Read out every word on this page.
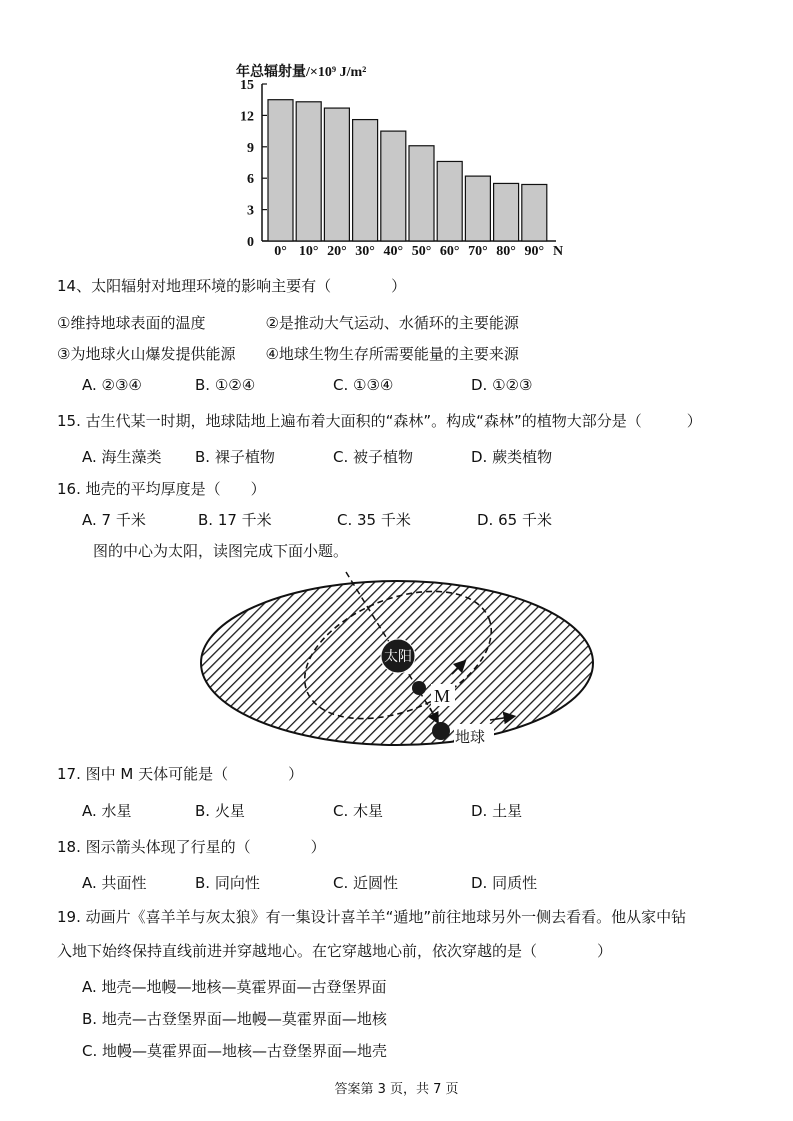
年总辐射量/×10⁹ J/m²
0
3
6
9
12
15
0° 10° 20° 30° 40° 50° 60° 70° 80° 90° N
14、太阳辐射对地理环境的影响主要有（　　　　）
①维持地球表面的温度　　　　②是推动大气运动、水循环的主要能源
③为地球火山爆发提供能源　　④地球生物生存所需要能量的主要来源
A. ②③④	B. ①②④	C. ①③④	D. ①②③
15. 古生代某一时期，地球陆地上遍布着大面积的“森林”。构成“森林”的植物大部分是（　　　）
A. 海生藻类 B. 裸子植物	C. 被子植物	D. 蕨类植物
16. 地壳的平均厚度是（　　）
A. 7 千米	B. 17 千米	C. 35 千米	D. 65 千米
图的中心为太阳，读图完成下面小题。
太阳
M
地球
17. 图中 M 天体可能是（　　　　）
A. 水星	B. 火星	C. 木星	D. 土星
18. 图示箭头体现了行星的（　　　　）
A. 共面性	B. 同向性	C. 近圆性	D. 同质性
19. 动画片《喜羊羊与灰太狼》有一集设计喜羊羊“遁地”前往地球另外一侧去看看。他从家中钻
入地下始终保持直线前进并穿越地心。在它穿越地心前，依次穿越的是（　　　　）
A. 地壳—地幔—地核—莫霍界面—古登堡界面
B. 地壳—古登堡界面—地幔—莫霍界面—地核
C. 地幔—莫霍界面—地核—古登堡界面—地壳
答案第 3 页，共 7 页
